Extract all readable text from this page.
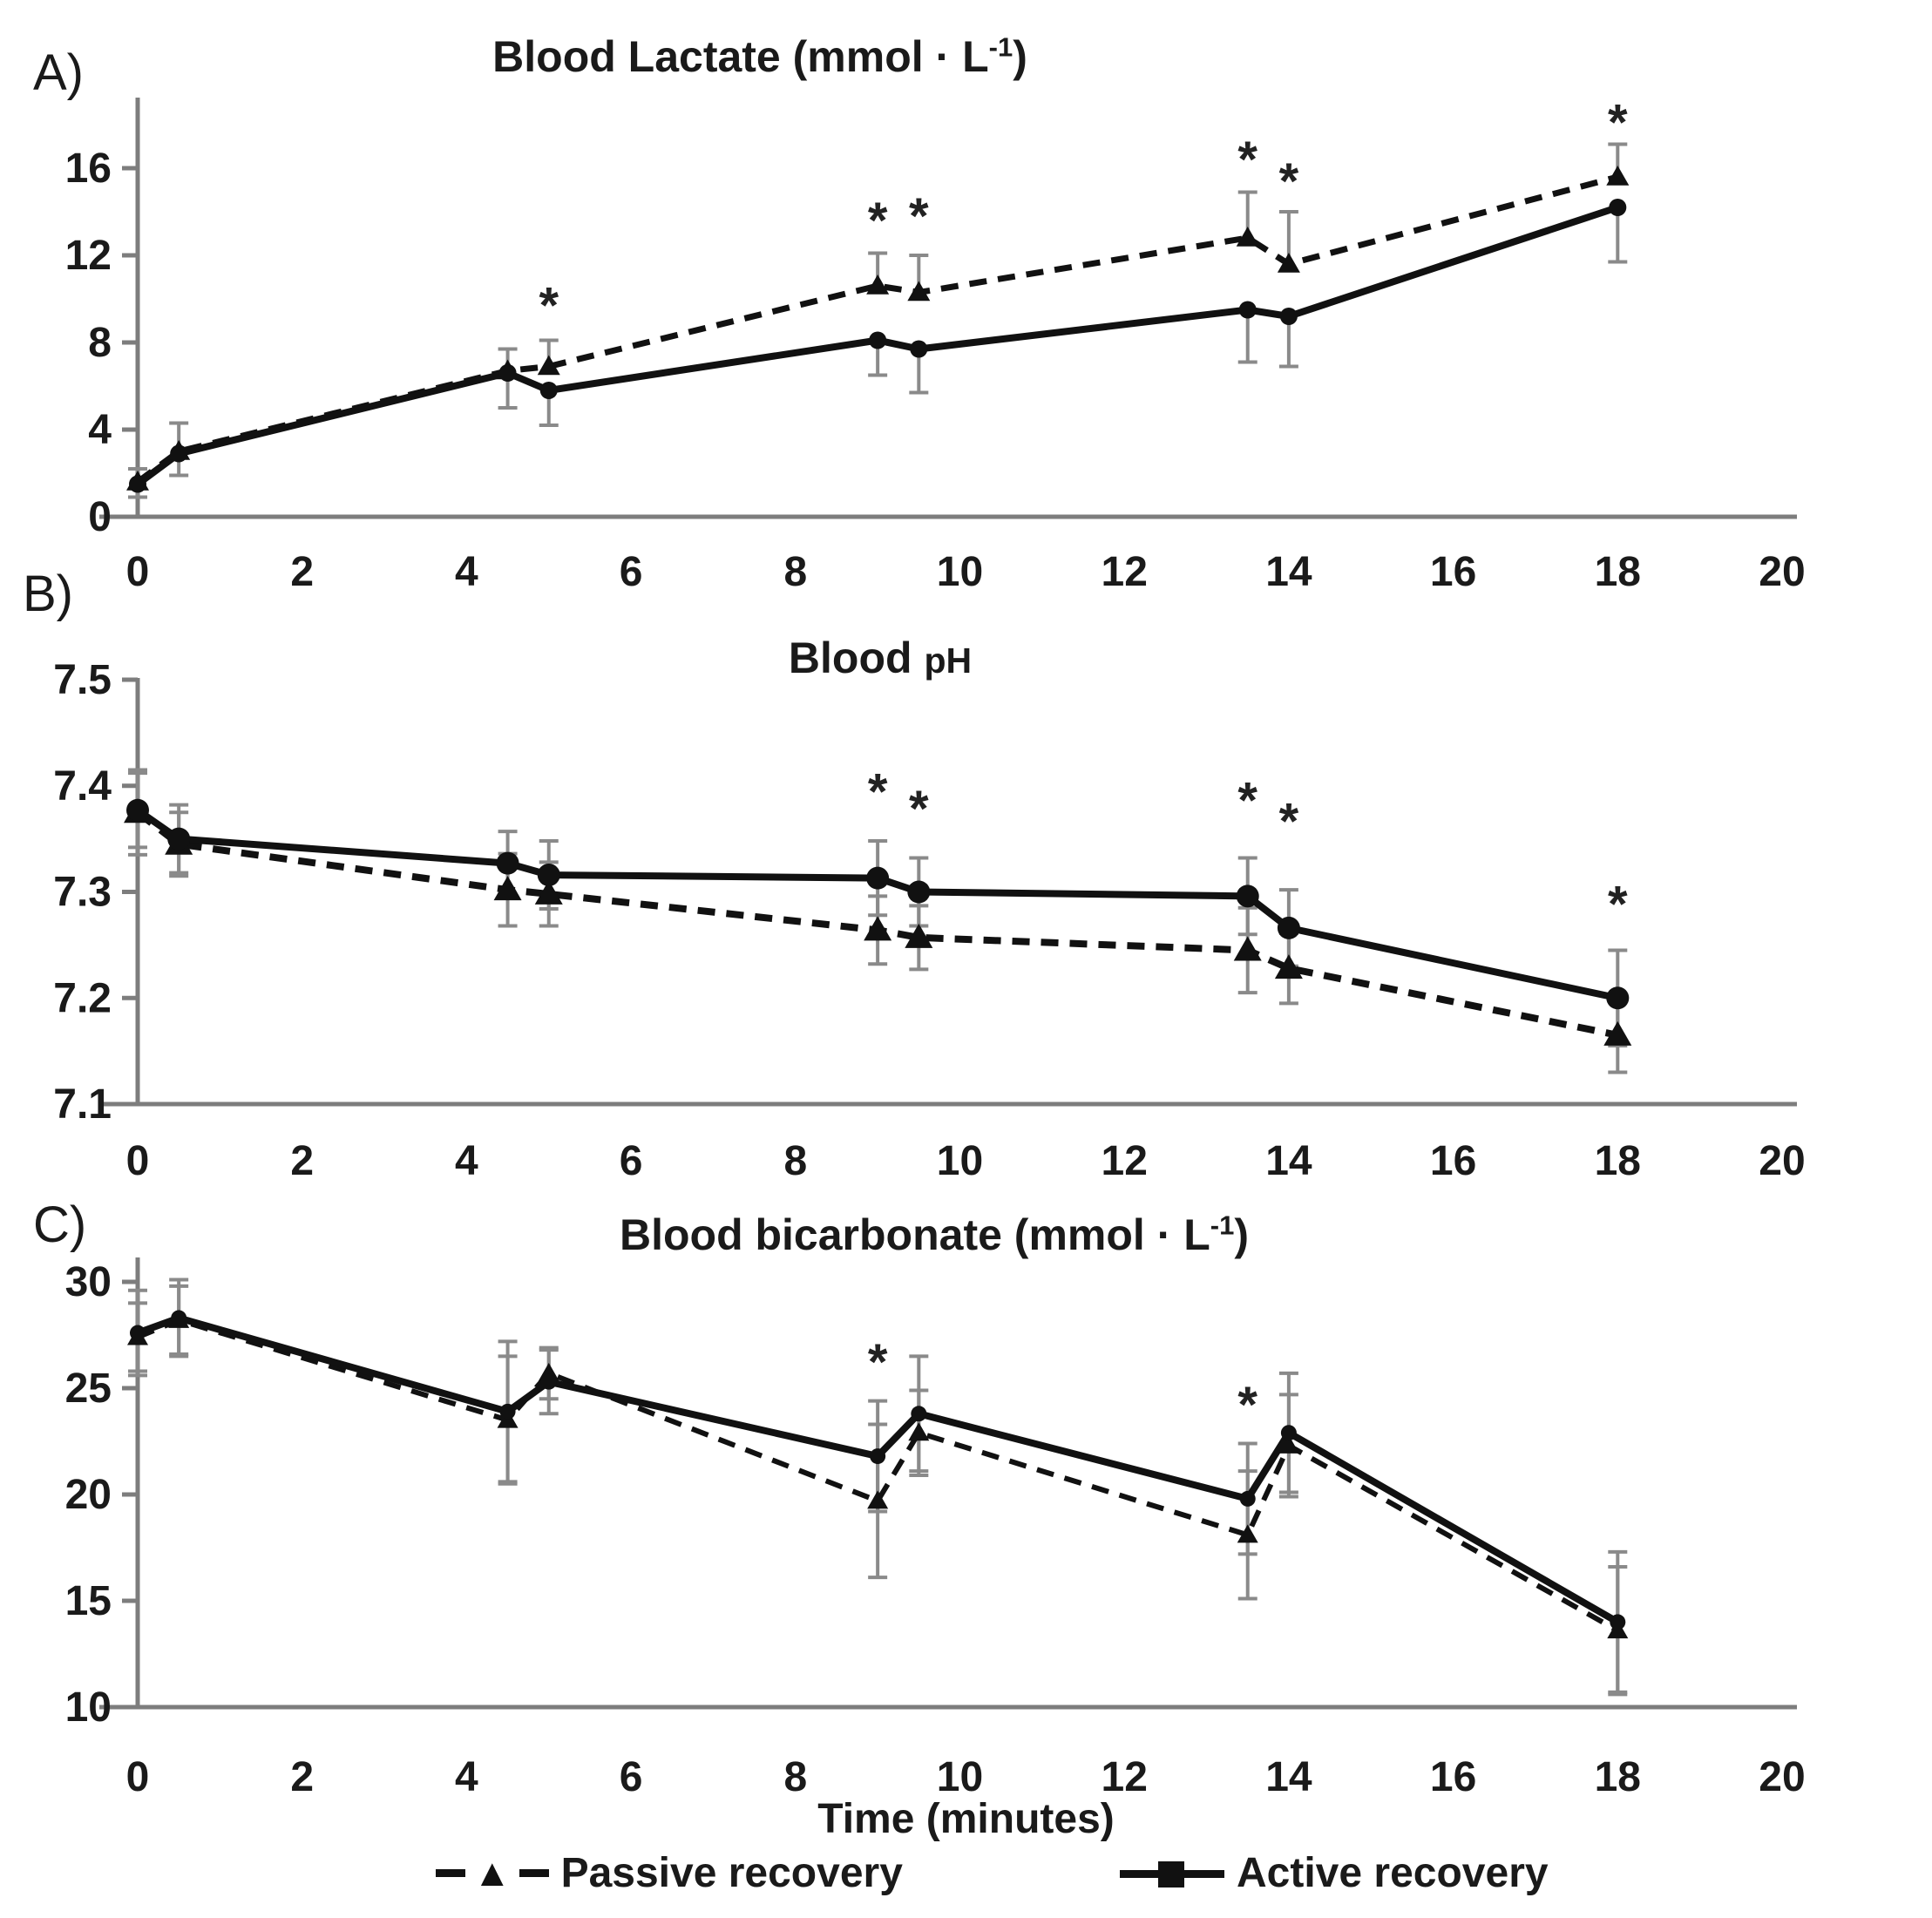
0
4
8
12
16
0	2	4	6	8	10	12	14	16	18	20
*
* *
* *
*
7.1
7.2
7.3
7.4
7.5
0	2	4	6	8	10	12	14	16	18	20
* *	* *
*
10
15
20
25
30
0	2	4	6	8	10	12	14	16	18	20
*
*
A)
B)
C)
Blood Lactate (mmol · $L^{-1}$)
Blood pH
Blood bicarbonate (mmol · $L^{-1}$)
Time (minutes)
▲ Passive recovery	Active recovery
